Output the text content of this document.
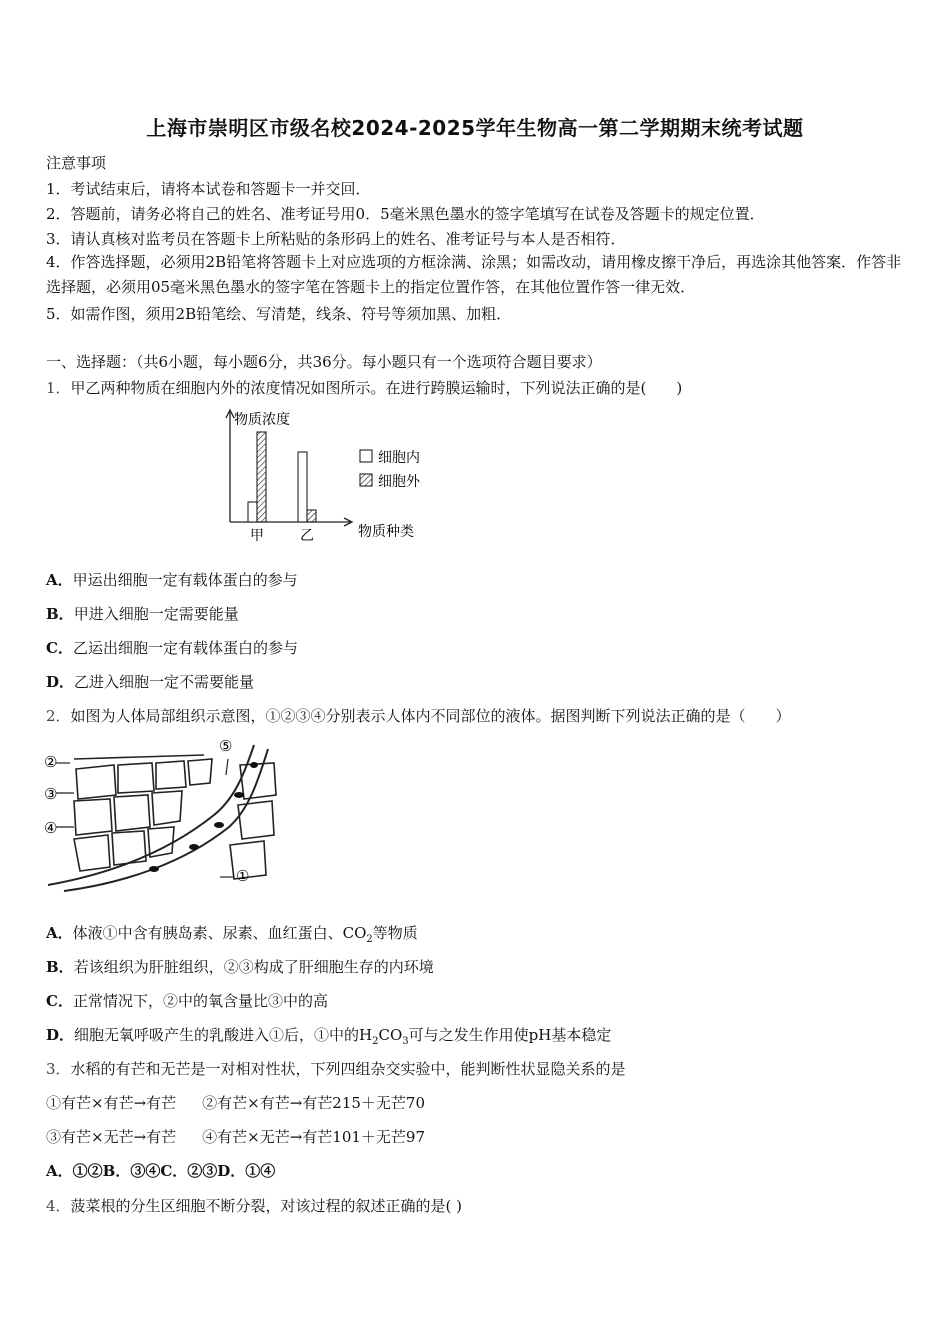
上海市崇明区市级名校2024-2025学年生物高一第二学期期末统考试题
注意事项
1．考试结束后，请将本试卷和答题卡一并交回．
2．答题前，请务必将自己的姓名、准考证号用0．5毫米黑色墨水的签字笔填写在试卷及答题卡的规定位置．
3．请认真核对监考员在答题卡上所粘贴的条形码上的姓名、准考证号与本人是否相符．
4．作答选择题，必须用2B铅笔将答题卡上对应选项的方框涂满、涂黑；如需改动，请用橡皮擦干净后，再选涂其他答案．作答非选择题，必须用05毫米黑色墨水的签字笔在答题卡上的指定位置作答，在其他位置作答一律无效．
5．如需作图，须用2B铅笔绘、写清楚，线条、符号等须加黑、加粗．
一、选择题：（共6小题，每小题6分，共36分。每小题只有一个选项符合题目要求）
1．甲乙两种物质在细胞内外的浓度情况如图所示。在进行跨膜运输时，下列说法正确的是(　　)
物质浓度
物质种类
甲	乙
细胞内
细胞外
A．甲运出细胞一定有载体蛋白的参与
B．甲进入细胞一定需要能量
C．乙运出细胞一定有载体蛋白的参与
D．乙进入细胞一定不需要能量
2．如图为人体局部组织示意图，①②③④分别表示人体内不同部位的液体。据图判断下列说法正确的是（　　）
②
③
④
⑤
①
A．体液①中含有胰岛素、尿素、血红蛋白、$CO_2$等物质
B．若该组织为肝脏组织，②③构成了肝细胞生存的内环境
C．正常情况下，②中的氧含量比③中的高
D．细胞无氧呼吸产生的乳酸进入①后，①中的$H_2CO_3$可与之发生作用使pH基本稳定
3．水稻的有芒和无芒是一对相对性状，下列四组杂交实验中，能判断性状显隐关系的是
①有芒×有芒→有芒 ②有芒×有芒→有芒215＋无芒70
③有芒×无芒→有芒 ④有芒×无芒→有芒101＋无芒97
A．①②B．③④C．②③D．①④
4．菠菜根的分生区细胞不断分裂，对该过程的叙述正确的是( )
